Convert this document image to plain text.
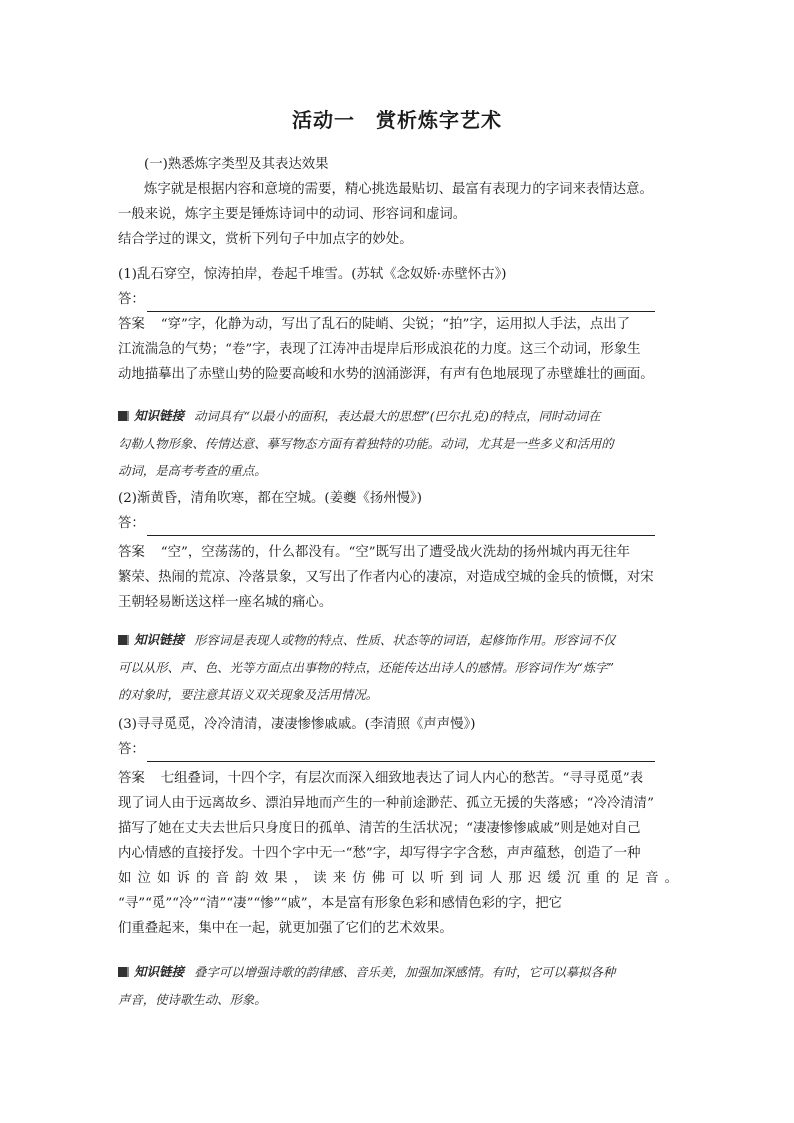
活动一　赏析炼字艺术
(一)熟悉炼字类型及其表达效果
炼字就是根据内容和意境的需要，精心挑选最贴切、最富有表现力的字词来表情达意。
一般来说，炼字主要是锤炼诗词中的动词、形容词和虚词。
结合学过的课文，赏析下列句子中加点字的妙处。
(1)乱石穿空，惊涛拍岸，卷起千堆雪。(苏轼《念奴娇·赤壁怀古》)
答：
答案 “穿”字，化静为动，写出了乱石的陡峭、尖锐；“拍”字，运用拟人手法，点出了
江流湍急的气势；“卷”字，表现了江涛冲击堤岸后形成浪花的力度。这三个动词，形象生
动地描摹出了赤壁山势的险要高峻和水势的汹涌澎湃，有声有色地展现了赤壁雄壮的画面。
知识链接 动词具有“以最小的面积，表达最大的思想”(巴尔扎克)的特点，同时动词在
勾勒人物形象、传情达意、摹写物态方面有着独特的功能。动词，尤其是一些多义和活用的
动词，是高考考查的重点。
(2)渐黄昏，清角吹寒，都在空城。(姜夔《扬州慢》)
答：
答案 “空”，空荡荡的，什么都没有。“空”既写出了遭受战火洗劫的扬州城内再无往年
繁荣、热闹的荒凉、冷落景象，又写出了作者内心的凄凉，对造成空城的金兵的愤慨，对宋
王朝轻易断送这样一座名城的痛心。
知识链接 形容词是表现人或物的特点、性质、状态等的词语，起修饰作用。形容词不仅
可以从形、声、色、光等方面点出事物的特点，还能传达出诗人的感情。形容词作为“炼字”
的对象时，要注意其语义双关现象及活用情况。
(3)寻寻觅觅，冷冷清清，凄凄惨惨戚戚。(李清照《声声慢》)
答：
答案 七组叠词，十四个字，有层次而深入细致地表达了词人内心的愁苦。“寻寻觅觅”表
现了词人由于远离故乡、漂泊异地而产生的一种前途渺茫、孤立无援的失落感；“冷冷清清”
描写了她在丈夫去世后只身度日的孤单、清苦的生活状况；“凄凄惨惨戚戚”则是她对自己
内心情感的直接抒发。十四个字中无一“愁”字，却写得字字含愁，声声蕴愁，创造了一种
如泣如诉的音韵效果，读来仿佛可以听到词人那迟缓沉重的足音。
“寻”“觅”“冷”“清”“凄”“惨”“戚”，本是富有形象色彩和感情色彩的字，把它
们重叠起来，集中在一起，就更加强了它们的艺术效果。
知识链接 叠字可以增强诗歌的韵律感、音乐美，加强加深感情。有时，它可以摹拟各种
声音，使诗歌生动、形象。
